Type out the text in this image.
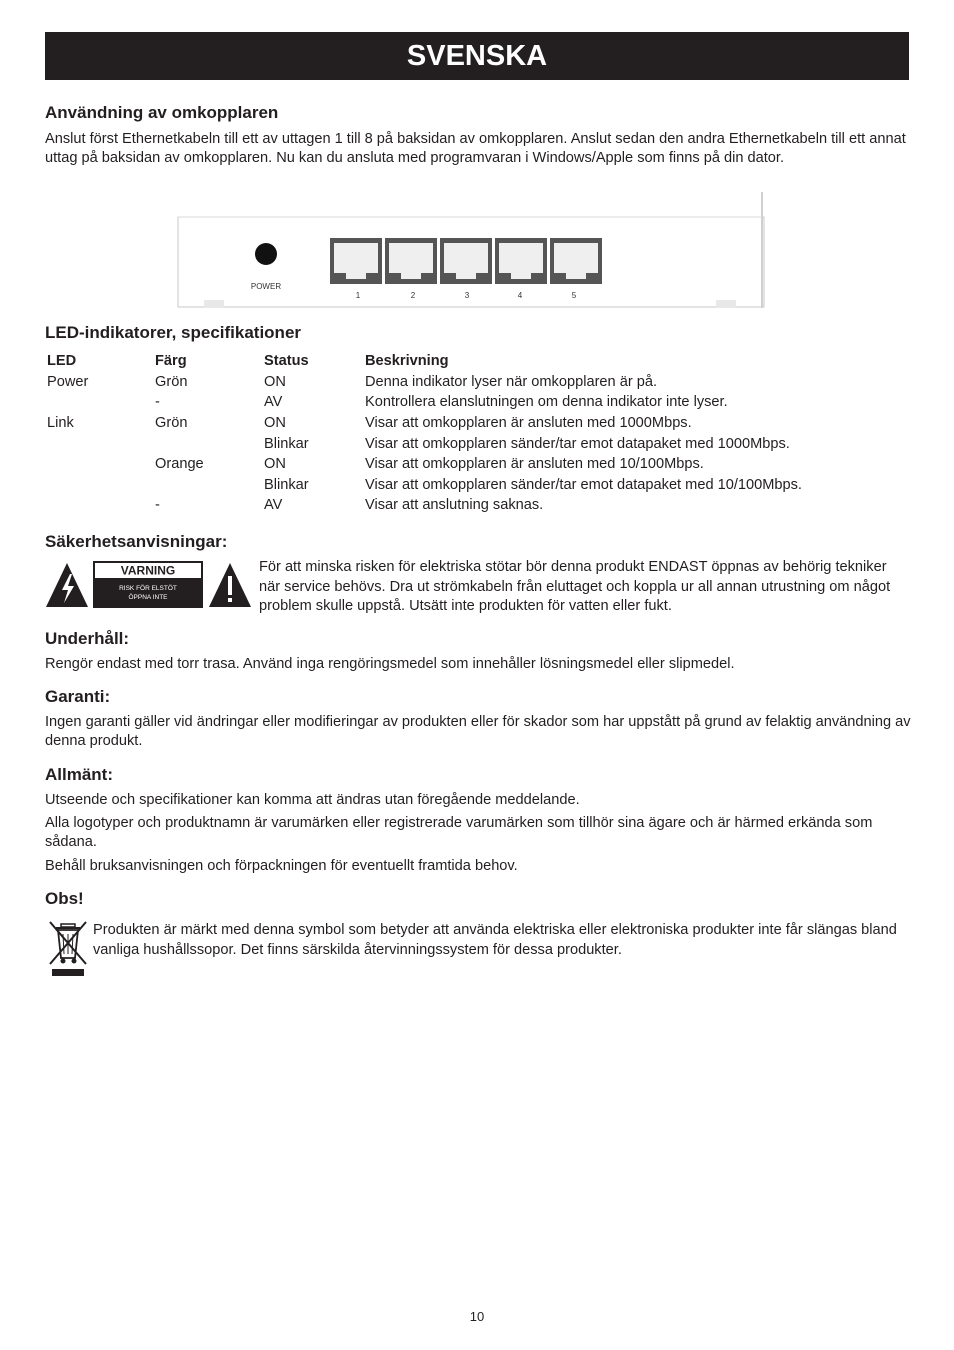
SVENSKA
Användning av omkopplaren

Anslut först Ethernetkabeln till ett av uttagen 1 till 8 på baksidan av omkopplaren. Anslut sedan den andra Ethernetkabeln till ett annat uttag på baksidan av omkopplaren. Nu kan du ansluta med programvaran i Windows/Apple som finns på din dator.

POWER
1	2	3	4	5
LED-indikatorer, specifikationer
LED	Färg	Status	Beskrivning
Power	Grön	ON	Denna indikator lyser när omkopplaren är på.
	-	AV	Kontrollera elanslutningen om denna indikator inte lyser.
Link	Grön	ON	Visar att omkopplaren är ansluten med 1000Mbps.
		Blinkar	Visar att omkopplaren sänder/tar emot datapaket med 1000Mbps.
	Orange	ON	Visar att omkopplaren är ansluten med 10/100Mbps.
		Blinkar	Visar att omkopplaren sänder/tar emot datapaket med 10/100Mbps.
	-	AV	Visar att anslutning saknas.
Säkerhetsanvisningar:
VARNING
RISK FÖR ELSTÖT
ÖPPNA INTE

För att minska risken för elektriska stötar bör denna produkt ENDAST öppnas av behörig tekniker när service behövs. Dra ut strömkabeln från eluttaget och koppla ur all annan utrustning om något problem skulle uppstå. Utsätt inte produkten för vatten eller fukt.

Underhåll:

Rengör endast med torr trasa. Använd inga rengöringsmedel som innehåller lösningsmedel eller slipmedel.

Garanti:

Ingen garanti gäller vid ändringar eller modifieringar av produkten eller för skador som har uppstått på grund av felaktig användning av denna produkt.

Allmänt:

Utseende och specifikationer kan komma att ändras utan föregående meddelande.

Alla logotyper och produktnamn är varumärken eller registrerade varumärken som tillhör sina ägare och är härmed erkända som sådana.

Behåll bruksanvisningen och förpackningen för eventuellt framtida behov.

Obs!

Produkten är märkt med denna symbol som betyder att använda elektriska eller elektroniska produkter inte får slängas bland vanliga hushållssopor. Det finns särskilda återvinningssystem för dessa produkter.

10
